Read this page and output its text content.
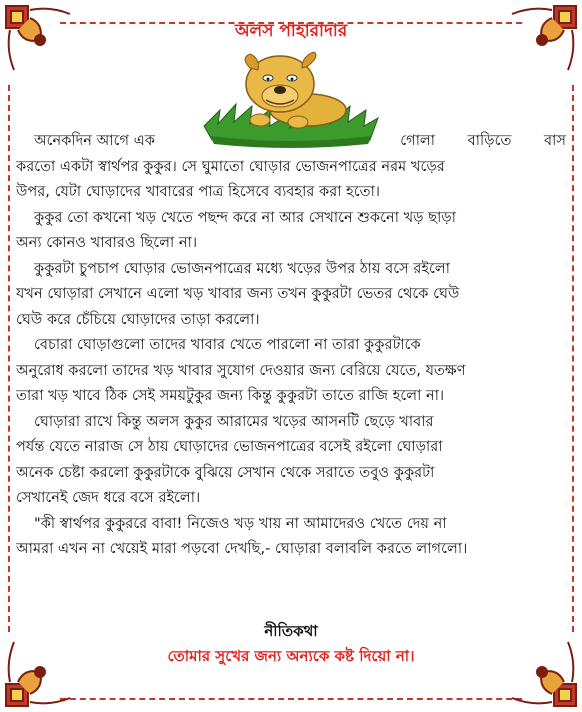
অলস পাহারাদার
অনেকদিন আগে এক	গোলা বাড়িতে বাস
করতো একটা স্বার্থপর কুকুর। সে ঘুমাতো ঘোড়ার ভোজনপাত্রের নরম খড়ের
উপর, যেটা ঘোড়াদের খাবারের পাত্র হিসেবে ব্যবহার করা হতো।
কুকুর তো কখনো খড় খেতে পছন্দ করে না আর সেখানে শুকনো খড় ছাড়া
অন্য কোনও খাবারও ছিলো না।
কুকুরটা চুপচাপ ঘোড়ার ভোজনপাত্রের মধ্যে খড়ের উপর ঠায় বসে রইলো
যখন ঘোড়ারা সেখানে এলো খড় খাবার জন্য তখন কুকুরটা ভেতর থেকে ঘেউ
ঘেউ করে চেঁচিয়ে ঘোড়াদের তাড়া করলো।
বেচারা ঘোড়াগুলো তাদের খাবার খেতে পারলো না তারা কুকুরটাকে
অনুরোধ করলো তাদের খড় খাবার সুযোগ দেওয়ার জন্য বেরিয়ে যেতে, যতক্ষণ
তারা খড় খাবে ঠিক সেই সময়টুকুর জন্য কিন্তু কুকুরটা তাতে রাজি হলো না।
ঘোড়ারা রাখে কিন্তু অলস কুকুর আরামের খড়ের আসনটি ছেড়ে খাবার
পর্যন্ত যেতে নারাজ সে ঠায় ঘোড়াদের ভোজনপাত্রের বসেই রইলো ঘোড়ারা
অনেক চেষ্টা করলো কুকুরটাকে বুঝিয়ে সেখান থেকে সরাতে তবুও কুকুরটা
সেখানেই জেদ ধরে বসে রইলো।
"কী স্বার্থপর কুকুররে বাবা! নিজেও খড় খায় না আমাদেরও খেতে দেয় না
আমরা এখন না খেয়েই মারা পড়বো দেখছি,- ঘোড়ারা বলাবলি করতে লাগলো।
নীতিকথা
তোমার সুখের জন্য অন্যকে কষ্ট দিয়ো না।
